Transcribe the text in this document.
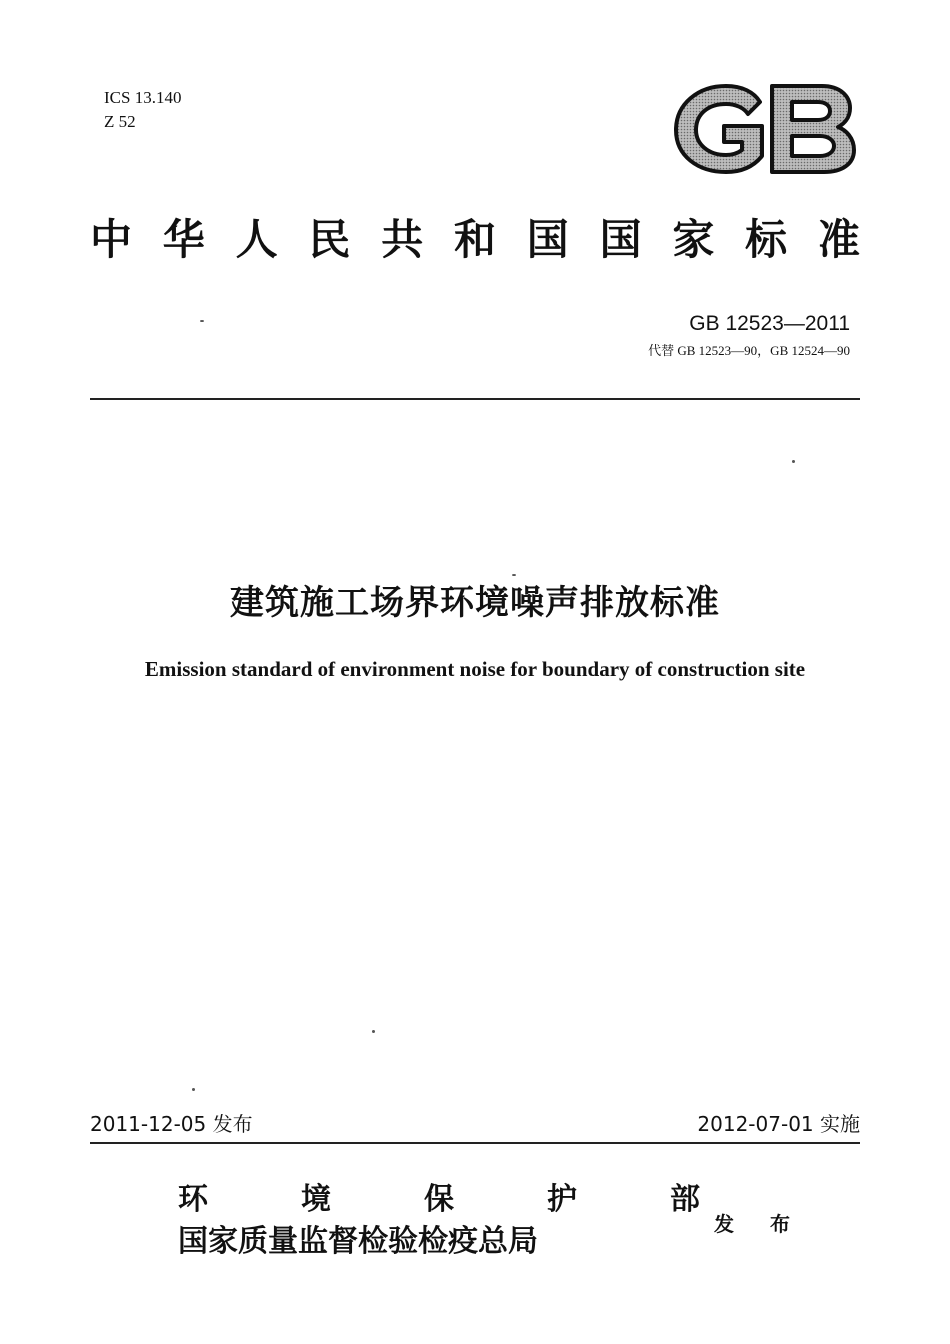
ICS 13.140
Z 52
中 华 人 民 共 和 国 国 家 标 准
GB 12523—2011
代替 GB 12523—90，GB 12524—90
建筑施工场界环境噪声排放标准
Emission standard of environment noise for boundary of construction site
2011-12-05 发布	2012-07-01 实施
环	境	保	护	部
国家质量监督检验检疫总局	发 布
